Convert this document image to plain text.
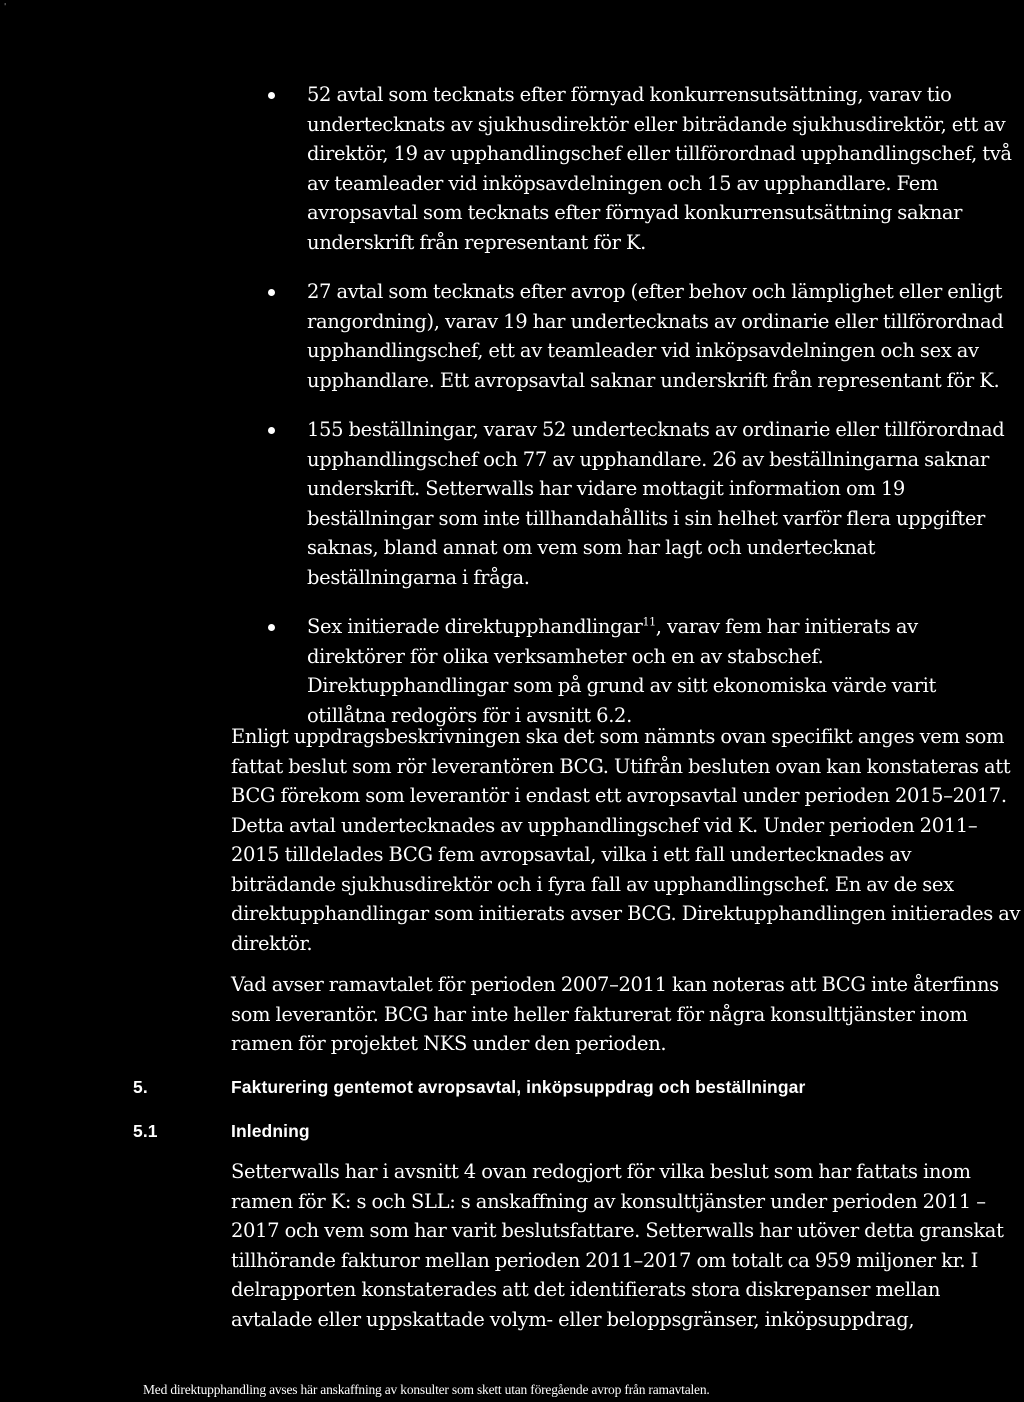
'
52 avtal som tecknats efter förnyad konkurrensutsättning, varav tio undertecknats av sjukhusdirektör eller biträdande sjukhusdirektör, ett av direktör, 19 av upphandlingschef eller tillförordnad upphandlingschef, två av teamleader vid inköpsavdelningen och 15 av upphandlare. Fem avropsavtal som tecknats efter förnyad konkurrensutsättning saknar underskrift från representant för K.
27 avtal som tecknats efter avrop (efter behov och lämplighet eller enligt rangordning), varav 19 har undertecknats av ordinarie eller tillförordnad upphandlingschef, ett av teamleader vid inköpsavdelningen och sex av upphandlare. Ett avropsavtal saknar underskrift från representant för K.
155 beställningar, varav 52 undertecknats av ordinarie eller tillförordnad upphandlingschef och 77 av upphandlare. 26 av beställningarna saknar underskrift. Setterwalls har vidare mottagit information om 19 beställningar som inte tillhandahållits i sin helhet varför flera uppgifter saknas, bland annat om vem som har lagt och undertecknat beställningarna i fråga.
Sex initierade direktupphandlingar$^{11}$, varav fem har initierats av direktörer för olika verksamheter och en av stabschef. Direktupphandlingar som på grund av sitt ekonomiska värde varit otillåtna redogörs för i avsnitt 6.2.
Enligt uppdragsbeskrivningen ska det som nämnts ovan specifikt anges vem som fattat beslut som rör leverantören BCG. Utifrån besluten ovan kan konstateras att BCG förekom som leverantör i endast ett avropsavtal under perioden 2015–2017. Detta avtal undertecknades av upphandlingschef vid K. Under perioden 2011–2015 tilldelades BCG fem avropsavtal, vilka i ett fall undertecknades av biträdande sjukhusdirektör och i fyra fall av upphandlingschef. En av de sex direktupphandlingar som initierats avser BCG. Direktupphandlingen initierades av direktör.
Vad avser ramavtalet för perioden 2007–2011 kan noteras att BCG inte återfinns som leverantör. BCG har inte heller fakturerat för några konsulttjänster inom ramen för projektet NKS under den perioden.
5.	Fakturering gentemot avropsavtal, inköpsuppdrag och beställningar
5.1	Inledning
Setterwalls har i avsnitt 4 ovan redogjort för vilka beslut som har fattats inom ramen för K: s och SLL: s anskaffning av konsulttjänster under perioden 2011 – 2017 och vem som har varit beslutsfattare. Setterwalls har utöver detta granskat tillhörande fakturor mellan perioden 2011–2017 om totalt ca 959 miljoner kr. I delrapporten konstaterades att det identifierats stora diskrepanser mellan avtalade eller uppskattade volym- eller beloppsgränser, inköpsuppdrag,
Med direktupphandling avses här anskaffning av konsulter som skett utan föregående avrop från ramavtalen.
